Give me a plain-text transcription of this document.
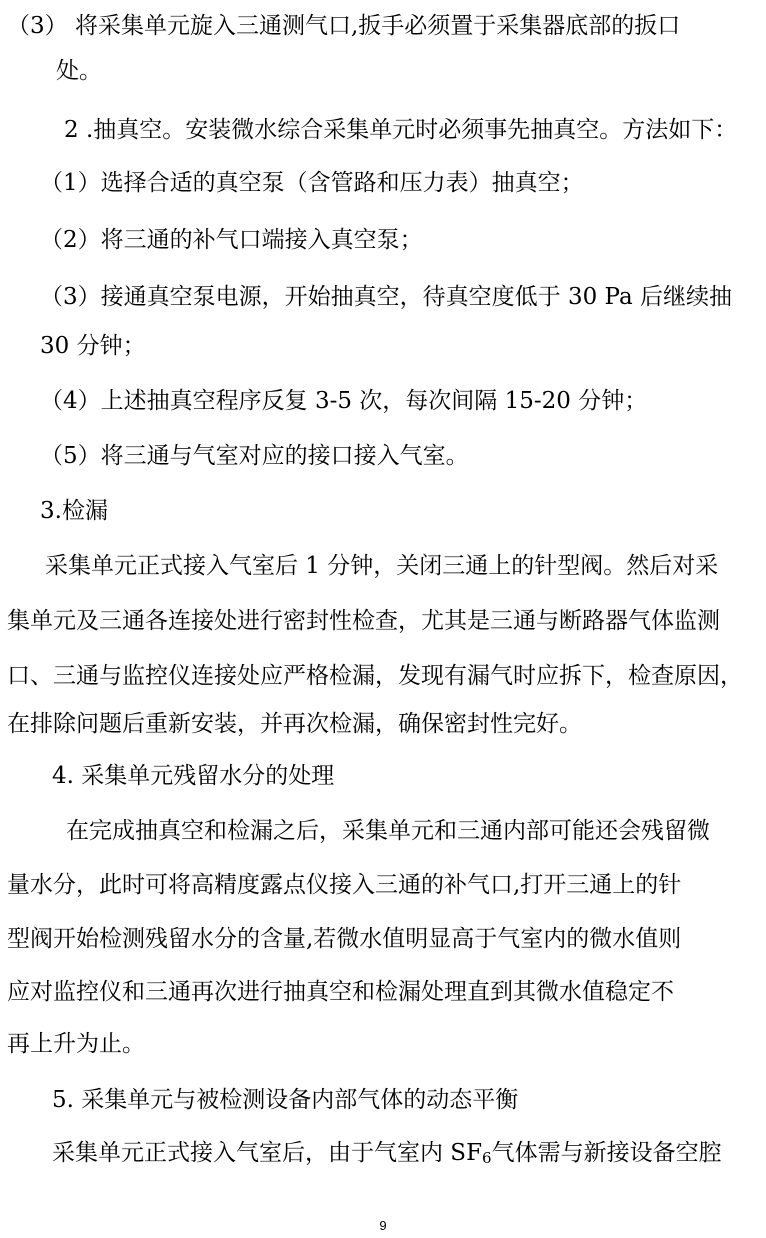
（3） 将采集单元旋入三通测气口,扳手必须置于采集器底部的扳口
处。
2 .抽真空。安装微水综合采集单元时必须事先抽真空。方法如下：
（1）选择合适的真空泵（含管路和压力表）抽真空；
（2）将三通的补气口端接入真空泵；
（3）接通真空泵电源，开始抽真空，待真空度低于 30 Pa 后继续抽
30 分钟；
（4）上述抽真空程序反复 3-5 次，每次间隔 15-20 分钟；
（5）将三通与气室对应的接口接入气室。
3.检漏
采集单元正式接入气室后 1 分钟，关闭三通上的针型阀。然后对采
集单元及三通各连接处进行密封性检查，尤其是三通与断路器气体监测
口、三通与监控仪连接处应严格检漏，发现有漏气时应拆下，检查原因，
在排除问题后重新安装，并再次检漏，确保密封性完好。
4. 采集单元残留水分的处理
在完成抽真空和检漏之后，采集单元和三通内部可能还会残留微
量水分，此时可将高精度露点仪接入三通的补气口,打开三通上的针
型阀开始检测残留水分的含量,若微水值明显高于气室内的微水值则
应对监控仪和三通再次进行抽真空和检漏处理直到其微水值稳定不
再上升为止。
5. 采集单元与被检测设备内部气体的动态平衡
采集单元正式接入气室后，由于气室内 $SF_6$气体需与新接设备空腔
9
